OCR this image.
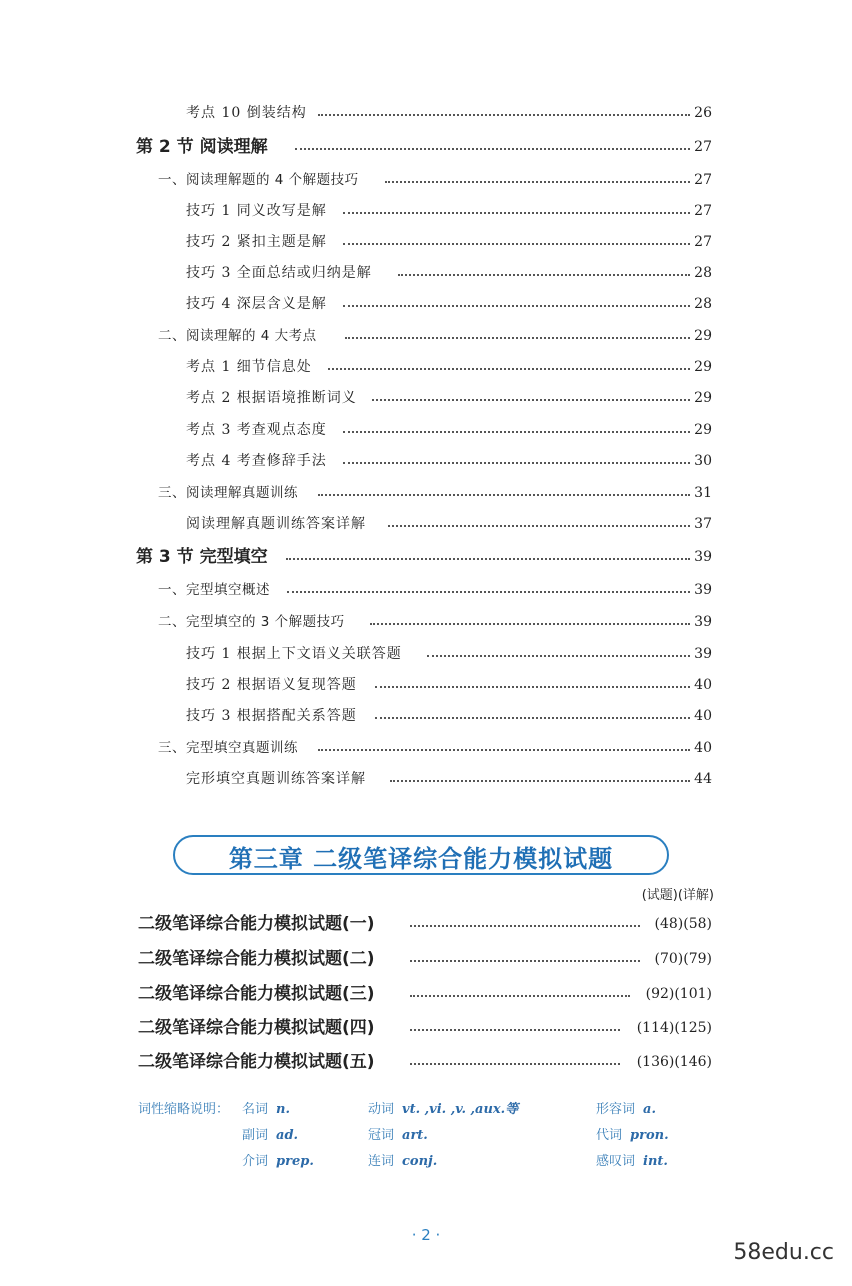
考点 10 倒装结构	26
第 2 节 阅读理解	27
一、阅读理解题的 4 个解题技巧	27
技巧 1 同义改写是解	27
技巧 2 紧扣主题是解	27
技巧 3 全面总结或归纳是解	28
技巧 4 深层含义是解	28
二、阅读理解的 4 大考点	29
考点 1 细节信息处	29
考点 2 根据语境推断词义	29
考点 3 考查观点态度	29
考点 4 考查修辞手法	30
三、阅读理解真题训练	31
阅读理解真题训练答案详解	37
第 3 节 完型填空	39
一、完型填空概述	39
二、完型填空的 3 个解题技巧	39
技巧 1 根据上下文语义关联答题	39
技巧 2 根据语义复现答题	40
技巧 3 根据搭配关系答题	40
三、完型填空真题训练	40
完形填空真题训练答案详解	44
第三章 二级笔译综合能力模拟试题
(试题)(详解)
二级笔译综合能力模拟试题(一)	(48)(58)
二级笔译综合能力模拟试题(二)	(70)(79)
二级笔译综合能力模拟试题(三)	(92)(101)
二级笔译综合能力模拟试题(四)	(114)(125)
二级笔译综合能力模拟试题(五)	(136)(146)
词性缩略说明： 名词 n.	动词 vt. ,vi. ,v. ,aux.等	形容词 a.
副词 ad.	冠词 art.	代词 pron.
介词 prep.	连词 conj.	感叹词 int.
· 2 ·
58edu.cc
